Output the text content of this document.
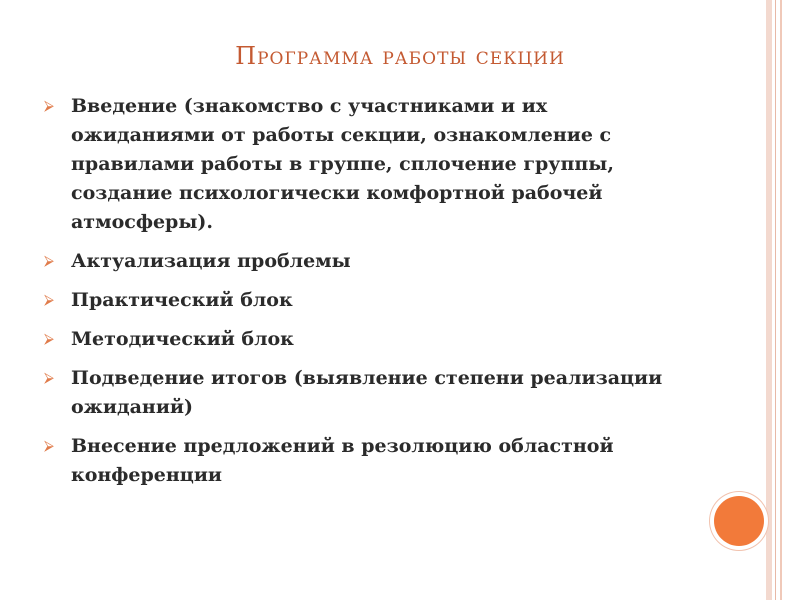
Программа работы секции
⮚ Введение (знакомство с участниками и их ожиданиями от работы секции, ознакомление с правилами работы в группе, сплочение группы, создание психологически комфортной рабочей атмосферы).
⮚ Актуализация проблемы
⮚ Практический блок
⮚ Методический блок
⮚ Подведение итогов (выявление степени реализации ожиданий)
⮚ Внесение предложений в резолюцию областной конференции
